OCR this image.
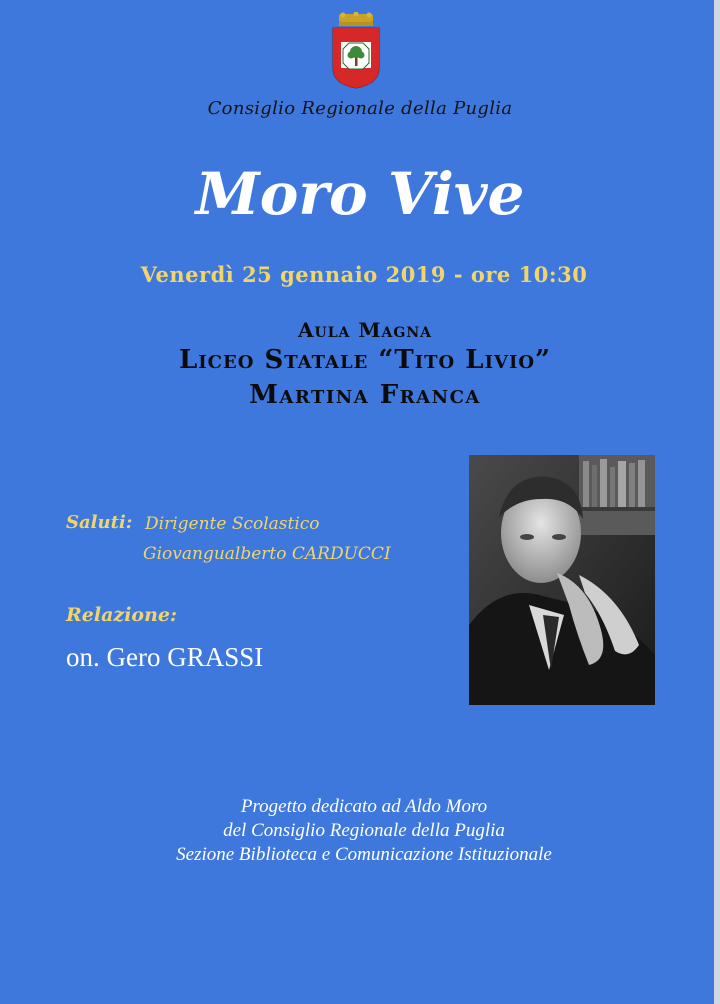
Consiglio Regionale della Puglia
Moro Vive
Venerdì 25 gennaio 2019 - ore 10:30
Aula Magna
Liceo Statale “Tito Livio”
Martina Franca
Saluti: Dirigente Scolastico
Giovangualberto CARDUCCI
Relazione:
on. Gero GRASSI
Progetto dedicato ad Aldo Moro
del Consiglio Regionale della Puglia
Sezione Biblioteca e Comunicazione Istituzionale
